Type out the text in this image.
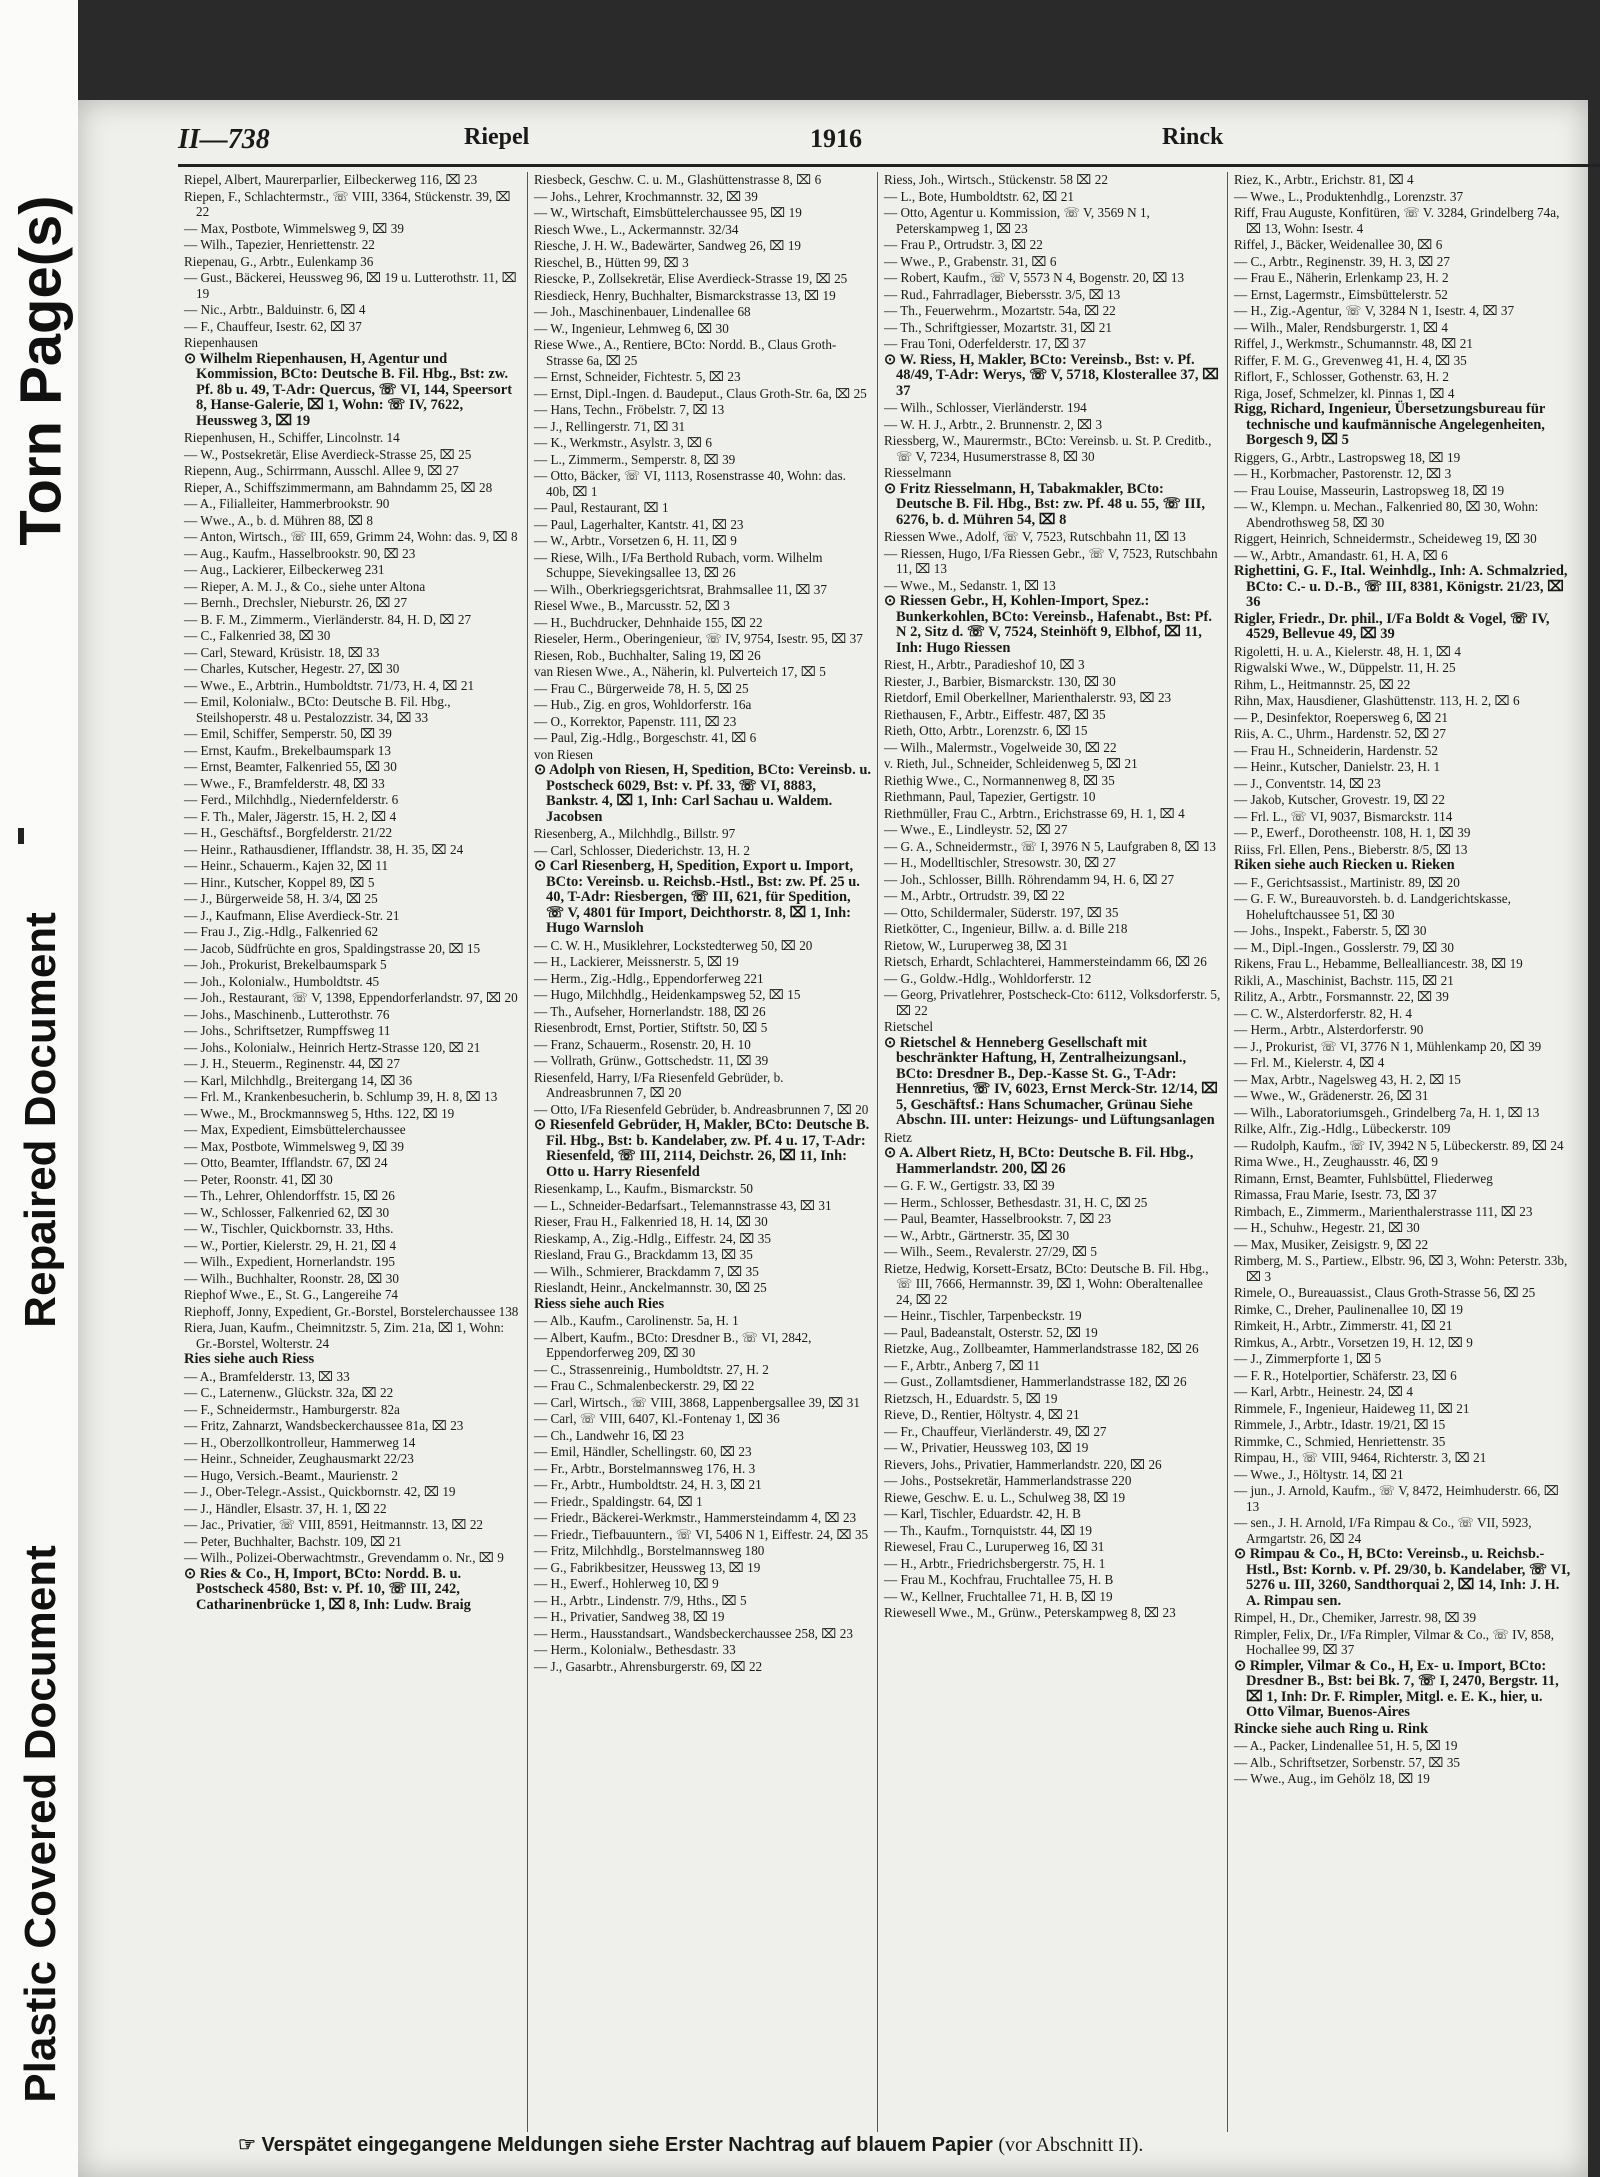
Torn Page(s)
Repaired Document
Plastic Covered Document
II—738	Riepel	1916	Rinck
Riepel, Albert, Maurerparlier, Eilbeckerweg 116, ⌧ 23
Riepen, F., Schlachtermstr., ☏ VIII, 3364, Stückenstr. 39, ⌧ 22
— Max, Postbote, Wimmelsweg 9, ⌧ 39
— Wilh., Tapezier, Henriettenstr. 22
Riepenau, G., Arbtr., Eulenkamp 36
— Gust., Bäckerei, Heussweg 96, ⌧ 19 u. Lutterothstr. 11, ⌧ 19
— Nic., Arbtr., Balduinstr. 6, ⌧ 4
— F., Chauffeur, Isestr. 62, ⌧ 37
Riepenhausen
⊙ Wilhelm Riepenhausen, H, Agentur und Kommission, BCto: Deutsche B. Fil. Hbg., Bst: zw. Pf. 8b u. 49, T-Adr: Quercus, ☏ VI, 144, Speersort 8, Hanse-Galerie, ⌧ 1, Wohn: ☏ IV, 7622, Heussweg 3, ⌧ 19
Riepenhusen, H., Schiffer, Lincolnstr. 14
— W., Postsekretär, Elise Averdieck-Strasse 25, ⌧ 25
Riepenn, Aug., Schirrmann, Ausschl. Allee 9, ⌧ 27
Rieper, A., Schiffszimmermann, am Bahndamm 25, ⌧ 28
— A., Filialleiter, Hammerbrookstr. 90
— Wwe., A., b. d. Mühren 88, ⌧ 8
— Anton, Wirtsch., ☏ III, 659, Grimm 24, Wohn: das. 9, ⌧ 8
— Aug., Kaufm., Hasselbrookstr. 90, ⌧ 23
— Aug., Lackierer, Eilbeckerweg 231
— Rieper, A. M. J., & Co., siehe unter Altona
— Bernh., Drechsler, Nieburstr. 26, ⌧ 27
— B. F. M., Zimmerm., Vierländerstr. 84, H. D, ⌧ 27
— C., Falkenried 38, ⌧ 30
— Carl, Steward, Krüsistr. 18, ⌧ 33
— Charles, Kutscher, Hegestr. 27, ⌧ 30
— Wwe., E., Arbtrin., Humboldtstr. 71/73, H. 4, ⌧ 21
— Emil, Kolonialw., BCto: Deutsche B. Fil. Hbg., Steilshoperstr. 48 u. Pestalozzistr. 34, ⌧ 33
— Emil, Schiffer, Semperstr. 50, ⌧ 39
— Ernst, Kaufm., Brekelbaumspark 13
— Ernst, Beamter, Falkenried 55, ⌧ 30
— Wwe., F., Bramfelderstr. 48, ⌧ 33
— Ferd., Milchhdlg., Niedernfelderstr. 6
— F. Th., Maler, Jägerstr. 15, H. 2, ⌧ 4
— H., Geschäftsf., Borgfelderstr. 21/22
— Heinr., Rathausdiener, Ifflandstr. 38, H. 35, ⌧ 24
— Heinr., Schauerm., Kajen 32, ⌧ 11
— Hinr., Kutscher, Koppel 89, ⌧ 5
— J., Bürgerweide 58, H. 3/4, ⌧ 25
— J., Kaufmann, Elise Averdieck-Str. 21
— Frau J., Zig.-Hdlg., Falkenried 62
— Jacob, Südfrüchte en gros, Spaldingstrasse 20, ⌧ 15
— Joh., Prokurist, Brekelbaumspark 5
— Joh., Kolonialw., Humboldtstr. 45
— Joh., Restaurant, ☏ V, 1398, Eppendorferlandstr. 97, ⌧ 20
— Johs., Maschinenb., Lutterothstr. 76
— Johs., Schriftsetzer, Rumpffsweg 11
— Johs., Kolonialw., Heinrich Hertz-Strasse 120, ⌧ 21
— J. H., Steuerm., Reginenstr. 44, ⌧ 27
— Karl, Milchhdlg., Breitergang 14, ⌧ 36
— Frl. M., Krankenbesucherin, b. Schlump 39, H. 8, ⌧ 13
— Wwe., M., Brockmannsweg 5, Hths. 122, ⌧ 19
— Max, Expedient, Eimsbüttelerchaussee
— Max, Postbote, Wimmelsweg 9, ⌧ 39
— Otto, Beamter, Ifflandstr. 67, ⌧ 24
— Peter, Roonstr. 41, ⌧ 30
— Th., Lehrer, Ohlendorffstr. 15, ⌧ 26
— W., Schlosser, Falkenried 62, ⌧ 30
— W., Tischler, Quickbornstr. 33, Hths.
— W., Portier, Kielerstr. 29, H. 21, ⌧ 4
— Wilh., Expedient, Hornerlandstr. 195
— Wilh., Buchhalter, Roonstr. 28, ⌧ 30
Riephof Wwe., E., St. G., Langereihe 74
Riephoff, Jonny, Expedient, Gr.-Borstel, Borstelerchaussee 138
Riera, Juan, Kaufm., Cheimnitzstr. 5, Zim. 21a, ⌧ 1, Wohn: Gr.-Borstel, Wolterstr. 24
Ries siehe auch Riess
— A., Bramfelderstr. 13, ⌧ 33
— C., Laternenw., Glückstr. 32a, ⌧ 22
— F., Schneidermstr., Hamburgerstr. 82a
— Fritz, Zahnarzt, Wandsbeckerchaussee 81a, ⌧ 23
— H., Oberzollkontrolleur, Hammerweg 14
— Heinr., Schneider, Zeughausmarkt 22/23
— Hugo, Versich.-Beamt., Maurienstr. 2
— J., Ober-Telegr.-Assist., Quickbornstr. 42, ⌧ 19
— J., Händler, Elsastr. 37, H. 1, ⌧ 22
— Jac., Privatier, ☏ VIII, 8591, Heitmannstr. 13, ⌧ 22
— Peter, Buchhalter, Bachstr. 109, ⌧ 21
— Wilh., Polizei-Oberwachtmstr., Grevendamm o. Nr., ⌧ 9
⊙ Ries & Co., H, Import, BCto: Nordd. B. u. Postscheck 4580, Bst: v. Pf. 10, ☏ III, 242, Catharinenbrücke 1, ⌧ 8, Inh: Ludw. Braig
Riesbeck, Geschw. C. u. M., Glashüttenstrasse 8, ⌧ 6
— Johs., Lehrer, Krochmannstr. 32, ⌧ 39
— W., Wirtschaft, Eimsbüttelerchaussee 95, ⌧ 19
Riesch Wwe., L., Ackermannstr. 32/34
Riesche, J. H. W., Badewärter, Sandweg 26, ⌧ 19
Rieschel, B., Hütten 99, ⌧ 3
Riescke, P., Zollsekretär, Elise Averdieck-Strasse 19, ⌧ 25
Riesdieck, Henry, Buchhalter, Bismarckstrasse 13, ⌧ 19
— Joh., Maschinenbauer, Lindenallee 68
— W., Ingenieur, Lehmweg 6, ⌧ 30
Riese Wwe., A., Rentiere, BCto: Nordd. B., Claus Groth-Strasse 6a, ⌧ 25
— Ernst, Schneider, Fichtestr. 5, ⌧ 23
— Ernst, Dipl.-Ingen. d. Baudeput., Claus Groth-Str. 6a, ⌧ 25
— Hans, Techn., Fröbelstr. 7, ⌧ 13
— J., Rellingerstr. 71, ⌧ 31
— K., Werkmstr., Asylstr. 3, ⌧ 6
— L., Zimmerm., Semperstr. 8, ⌧ 39
— Otto, Bäcker, ☏ VI, 1113, Rosenstrasse 40, Wohn: das. 40b, ⌧ 1
— Paul, Restaurant, ⌧ 1
— Paul, Lagerhalter, Kantstr. 41, ⌧ 23
— W., Arbtr., Vorsetzen 6, H. 11, ⌧ 9
— Riese, Wilh., I/Fa Berthold Rubach, vorm. Wilhelm Schuppe, Sievekingsallee 13, ⌧ 26
— Wilh., Oberkriegsgerichtsrat, Brahmsallee 11, ⌧ 37
Riesel Wwe., B., Marcusstr. 52, ⌧ 3
— H., Buchdrucker, Dehnhaide 155, ⌧ 22
Rieseler, Herm., Oberingenieur, ☏ IV, 9754, Isestr. 95, ⌧ 37
Riesen, Rob., Buchhalter, Saling 19, ⌧ 26
van Riesen Wwe., A., Näherin, kl. Pulverteich 17, ⌧ 5
— Frau C., Bürgerweide 78, H. 5, ⌧ 25
— Hub., Zig. en gros, Wohldorferstr. 16a
— O., Korrektor, Papenstr. 111, ⌧ 23
— Paul, Zig.-Hdlg., Borgeschstr. 41, ⌧ 6
von Riesen
⊙ Adolph von Riesen, H, Spedition, BCto: Vereinsb. u. Postscheck 6029, Bst: v. Pf. 33, ☏ VI, 8883, Bankstr. 4, ⌧ 1, Inh: Carl Sachau u. Waldem. Jacobsen
Riesenberg, A., Milchhdlg., Billstr. 97
— Carl, Schlosser, Diederichstr. 13, H. 2
⊙ Carl Riesenberg, H, Spedition, Export u. Import, BCto: Vereinsb. u. Reichsb.-Hstl., Bst: zw. Pf. 25 u. 40, T-Adr: Riesbergen, ☏ III, 621, für Spedition, ☏ V, 4801 für Import, Deichthorstr. 8, ⌧ 1, Inh: Hugo Warnsloh
— C. W. H., Musiklehrer, Lockstedterweg 50, ⌧ 20
— H., Lackierer, Meissnerstr. 5, ⌧ 19
— Herm., Zig.-Hdlg., Eppendorferweg 221
— Hugo, Milchhdlg., Heidenkampsweg 52, ⌧ 15
— Th., Aufseher, Hornerlandstr. 188, ⌧ 26
Riesenbrodt, Ernst, Portier, Stiftstr. 50, ⌧ 5
— Franz, Schauerm., Rosenstr. 20, H. 10
— Vollrath, Grünw., Gottschedstr. 11, ⌧ 39
Riesenfeld, Harry, I/Fa Riesenfeld Gebrüder, b. Andreasbrunnen 7, ⌧ 20
— Otto, I/Fa Riesenfeld Gebrüder, b. Andreasbrunnen 7, ⌧ 20
⊙ Riesenfeld Gebrüder, H, Makler, BCto: Deutsche B. Fil. Hbg., Bst: b. Kandelaber, zw. Pf. 4 u. 17, T-Adr: Riesenfeld, ☏ III, 2114, Deichstr. 26, ⌧ 11, Inh: Otto u. Harry Riesenfeld
Riesenkamp, L., Kaufm., Bismarckstr. 50
— L., Schneider-Bedarfsart., Telemannstrasse 43, ⌧ 31
Rieser, Frau H., Falkenried 18, H. 14, ⌧ 30
Rieskamp, A., Zig.-Hdlg., Eiffestr. 24, ⌧ 35
Riesland, Frau G., Brackdamm 13, ⌧ 35
— Wilh., Schmierer, Brackdamm 7, ⌧ 35
Rieslandt, Heinr., Anckelmannstr. 30, ⌧ 25
Riess siehe auch Ries
— Alb., Kaufm., Carolinenstr. 5a, H. 1
— Albert, Kaufm., BCto: Dresdner B., ☏ VI, 2842, Eppendorferweg 209, ⌧ 30
— C., Strassenreinig., Humboldtstr. 27, H. 2
— Frau C., Schmalenbeckerstr. 29, ⌧ 22
— Carl, Wirtsch., ☏ VIII, 3868, Lappenbergsallee 39, ⌧ 31
— Carl, ☏ VIII, 6407, Kl.-Fontenay 1, ⌧ 36
— Ch., Landwehr 16, ⌧ 23
— Emil, Händler, Schellingstr. 60, ⌧ 23
— Fr., Arbtr., Borstelmannsweg 176, H. 3
— Fr., Arbtr., Humboldtstr. 24, H. 3, ⌧ 21
— Friedr., Spaldingstr. 64, ⌧ 1
— Friedr., Bäckerei-Werkmstr., Hammersteindamm 4, ⌧ 23
— Friedr., Tiefbauuntern., ☏ VI, 5406 N 1, Eiffestr. 24, ⌧ 35
— Fritz, Milchhdlg., Borstelmannsweg 180
— G., Fabrikbesitzer, Heussweg 13, ⌧ 19
— H., Ewerf., Hohlerweg 10, ⌧ 9
— H., Arbtr., Lindenstr. 7/9, Hths., ⌧ 5
— H., Privatier, Sandweg 38, ⌧ 19
— Herm., Hausstandsart., Wandsbeckerchaussee 258, ⌧ 23
— Herm., Kolonialw., Bethesdastr. 33
— J., Gasarbtr., Ahrensburgerstr. 69, ⌧ 22
Riess, Joh., Wirtsch., Stückenstr. 58 ⌧ 22
— L., Bote, Humboldtstr. 62, ⌧ 21
— Otto, Agentur u. Kommission, ☏ V, 3569 N 1, Peterskampweg 1, ⌧ 23
— Frau P., Ortrudstr. 3, ⌧ 22
— Wwe., P., Grabenstr. 31, ⌧ 6
— Robert, Kaufm., ☏ V, 5573 N 4, Bogenstr. 20, ⌧ 13
— Rud., Fahrradlager, Biebersstr. 3/5, ⌧ 13
— Th., Feuerwehrm., Mozartstr. 54a, ⌧ 22
— Th., Schriftgiesser, Mozartstr. 31, ⌧ 21
— Frau Toni, Oderfelderstr. 17, ⌧ 37
⊙ W. Riess, H, Makler, BCto: Vereinsb., Bst: v. Pf. 48/49, T-Adr: Werys, ☏ V, 5718, Klosterallee 37, ⌧ 37
— Wilh., Schlosser, Vierländerstr. 194
— W. H. J., Arbtr., 2. Brunnenstr. 2, ⌧ 3
Riessberg, W., Maurermstr., BCto: Vereinsb. u. St. P. Creditb., ☏ V, 7234, Husumerstrasse 8, ⌧ 30
Riesselmann
⊙ Fritz Riesselmann, H, Tabakmakler, BCto: Deutsche B. Fil. Hbg., Bst: zw. Pf. 48 u. 55, ☏ III, 6276, b. d. Mühren 54, ⌧ 8
Riessen Wwe., Adolf, ☏ V, 7523, Rutschbahn 11, ⌧ 13
— Riessen, Hugo, I/Fa Riessen Gebr., ☏ V, 7523, Rutschbahn 11, ⌧ 13
— Wwe., M., Sedanstr. 1, ⌧ 13
⊙ Riessen Gebr., H, Kohlen-Import, Spez.: Bunkerkohlen, BCto: Vereinsb., Hafenabt., Bst: Pf. N 2, Sitz d. ☏ V, 7524, Steinhöft 9, Elbhof, ⌧ 11, Inh: Hugo Riessen
Riest, H., Arbtr., Paradieshof 10, ⌧ 3
Riester, J., Barbier, Bismarckstr. 130, ⌧ 30
Rietdorf, Emil Oberkellner, Marienthalerstr. 93, ⌧ 23
Riethausen, F., Arbtr., Eiffestr. 487, ⌧ 35
Rieth, Otto, Arbtr., Lorenzstr. 6, ⌧ 15
— Wilh., Malermstr., Vogelweide 30, ⌧ 22
v. Rieth, Jul., Schneider, Schleidenweg 5, ⌧ 21
Riethig Wwe., C., Normannenweg 8, ⌧ 35
Riethmann, Paul, Tapezier, Gertigstr. 10
Riethmüller, Frau C., Arbtrn., Erichstrasse 69, H. 1, ⌧ 4
— Wwe., E., Lindleystr. 52, ⌧ 27
— G. A., Schneidermstr., ☏ I, 3976 N 5, Laufgraben 8, ⌧ 13
— H., Modelltischler, Stresowstr. 30, ⌧ 27
— Joh., Schlosser, Billh. Röhrendamm 94, H. 6, ⌧ 27
— M., Arbtr., Ortrudstr. 39, ⌧ 22
— Otto, Schildermaler, Süderstr. 197, ⌧ 35
Rietkötter, C., Ingenieur, Billw. a. d. Bille 218
Rietow, W., Luruperweg 38, ⌧ 31
Rietsch, Erhardt, Schlachterei, Hammersteindamm 66, ⌧ 26
— G., Goldw.-Hdlg., Wohldorferstr. 12
— Georg, Privatlehrer, Postscheck-Cto: 6112, Volksdorferstr. 5, ⌧ 22
Rietschel
⊙ Rietschel & Henneberg Gesellschaft mit beschränkter Haftung, H, Zentralheizungsanl., BCto: Dresdner B., Dep.-Kasse St. G., T-Adr: Hennretius, ☏ IV, 6023, Ernst Merck-Str. 12/14, ⌧ 5, Geschäftsf.: Hans Schumacher, Grünau Siehe Abschn. III. unter: Heizungs- und Lüftungsanlagen
Rietz
⊙ A. Albert Rietz, H, BCto: Deutsche B. Fil. Hbg., Hammerlandstr. 200, ⌧ 26
— G. F. W., Gertigstr. 33, ⌧ 39
— Herm., Schlosser, Bethesdastr. 31, H. C, ⌧ 25
— Paul, Beamter, Hasselbrookstr. 7, ⌧ 23
— W., Arbtr., Gärtnerstr. 35, ⌧ 30
— Wilh., Seem., Revalerstr. 27/29, ⌧ 5
Rietze, Hedwig, Korsett-Ersatz, BCto: Deutsche B. Fil. Hbg., ☏ III, 7666, Hermannstr. 39, ⌧ 1, Wohn: Oberaltenallee 24, ⌧ 22
— Heinr., Tischler, Tarpenbeckstr. 19
— Paul, Badeanstalt, Osterstr. 52, ⌧ 19
Rietzke, Aug., Zollbeamter, Hammerlandstrasse 182, ⌧ 26
— F., Arbtr., Anberg 7, ⌧ 11
— Gust., Zollamtsdiener, Hammerlandstrasse 182, ⌧ 26
Rietzsch, H., Eduardstr. 5, ⌧ 19
Rieve, D., Rentier, Höltystr. 4, ⌧ 21
— Fr., Chauffeur, Vierländerstr. 49, ⌧ 27
— W., Privatier, Heussweg 103, ⌧ 19
Rievers, Johs., Privatier, Hammerlandstr. 220, ⌧ 26
— Johs., Postsekretär, Hammerlandstrasse 220
Riewe, Geschw. E. u. L., Schulweg 38, ⌧ 19
— Karl, Tischler, Eduardstr. 42, H. B
— Th., Kaufm., Tornquiststr. 44, ⌧ 19
Riewesel, Frau C., Luruperweg 16, ⌧ 31
— H., Arbtr., Friedrichsbergerstr. 75, H. 1
— Frau M., Kochfrau, Fruchtallee 75, H. B
— W., Kellner, Fruchtallee 71, H. B, ⌧ 19
Riewesell Wwe., M., Grünw., Peterskampweg 8, ⌧ 23
Riez, K., Arbtr., Erichstr. 81, ⌧ 4
— Wwe., L., Produktenhdlg., Lorenzstr. 37
Riff, Frau Auguste, Konfitüren, ☏ V. 3284, Grindelberg 74a, ⌧ 13, Wohn: Isestr. 4
Riffel, J., Bäcker, Weidenallee 30, ⌧ 6
— C., Arbtr., Reginenstr. 39, H. 3, ⌧ 27
— Frau E., Näherin, Erlenkamp 23, H. 2
— Ernst, Lagermstr., Eimsbüttelerstr. 52
— H., Zig.-Agentur, ☏ V, 3284 N 1, Isestr. 4, ⌧ 37
— Wilh., Maler, Rendsburgerstr. 1, ⌧ 4
Riffel, J., Werkmstr., Schumannstr. 48, ⌧ 21
Riffer, F. M. G., Grevenweg 41, H. 4, ⌧ 35
Riflort, F., Schlosser, Gothenstr. 63, H. 2
Riga, Josef, Schmelzer, kl. Pinnas 1, ⌧ 4
Rigg, Richard, Ingenieur, Übersetzungsbureau für technische und kaufmännische Angelegenheiten, Borgesch 9, ⌧ 5
Riggers, G., Arbtr., Lastropsweg 18, ⌧ 19
— H., Korbmacher, Pastorenstr. 12, ⌧ 3
— Frau Louise, Masseurin, Lastropsweg 18, ⌧ 19
— W., Klempn. u. Mechan., Falkenried 80, ⌧ 30, Wohn: Abendrothsweg 58, ⌧ 30
Riggert, Heinrich, Schneidermstr., Scheideweg 19, ⌧ 30
— W., Arbtr., Amandastr. 61, H. A, ⌧ 6
Righettini, G. F., Ital. Weinhdlg., Inh: A. Schmalzried, BCto: C.- u. D.-B., ☏ III, 8381, Königstr. 21/23, ⌧ 36
Rigler, Friedr., Dr. phil., I/Fa Boldt & Vogel, ☏ IV, 4529, Bellevue 49, ⌧ 39
Rigoletti, H. u. A., Kielerstr. 48, H. 1, ⌧ 4
Rigwalski Wwe., W., Düppelstr. 11, H. 25
Rihm, L., Heitmannstr. 25, ⌧ 22
Rihn, Max, Hausdiener, Glashüttenstr. 113, H. 2, ⌧ 6
— P., Desinfektor, Roepersweg 6, ⌧ 21
Riis, A. C., Uhrm., Hardenstr. 52, ⌧ 27
— Frau H., Schneiderin, Hardenstr. 52
— Heinr., Kutscher, Danielstr. 23, H. 1
— J., Conventstr. 14, ⌧ 23
— Jakob, Kutscher, Grovestr. 19, ⌧ 22
— Frl. L., ☏ VI, 9037, Bismarckstr. 114
— P., Ewerf., Dorotheenstr. 108, H. 1, ⌧ 39
Riiss, Frl. Ellen, Pens., Bieberstr. 8/5, ⌧ 13
Riken siehe auch Riecken u. Rieken
— F., Gerichtsassist., Martinistr. 89, ⌧ 20
— G. F. W., Bureauvorsteh. b. d. Landgerichtskasse, Hoheluftchaussee 51, ⌧ 30
— Johs., Inspekt., Faberstr. 5, ⌧ 30
— M., Dipl.-Ingen., Gosslerstr. 79, ⌧ 30
Rikens, Frau L., Hebamme, Bellealliancestr. 38, ⌧ 19
Rikli, A., Maschinist, Bachstr. 115, ⌧ 21
Rilitz, A., Arbtr., Forsmannstr. 22, ⌧ 39
— C. W., Alsterdorferstr. 82, H. 4
— Herm., Arbtr., Alsterdorferstr. 90
— J., Prokurist, ☏ VI, 3776 N 1, Mühlenkamp 20, ⌧ 39
— Frl. M., Kielerstr. 4, ⌧ 4
— Max, Arbtr., Nagelsweg 43, H. 2, ⌧ 15
— Wwe., W., Grädenerstr. 26, ⌧ 31
— Wilh., Laboratoriumsgeh., Grindelberg 7a, H. 1, ⌧ 13
Rilke, Alfr., Zig.-Hdlg., Lübeckerstr. 109
— Rudolph, Kaufm., ☏ IV, 3942 N 5, Lübeckerstr. 89, ⌧ 24
Rima Wwe., H., Zeughausstr. 46, ⌧ 9
Rimann, Ernst, Beamter, Fuhlsbüttel, Fliederweg
Rimassa, Frau Marie, Isestr. 73, ⌧ 37
Rimbach, E., Zimmerm., Marienthalerstrasse 111, ⌧ 23
— H., Schuhw., Hegestr. 21, ⌧ 30
— Max, Musiker, Zeisigstr. 9, ⌧ 22
Rimberg, M. S., Partiew., Elbstr. 96, ⌧ 3, Wohn: Peterstr. 33b, ⌧ 3
Rimele, O., Bureauassist., Claus Groth-Strasse 56, ⌧ 25
Rimke, C., Dreher, Paulinenallee 10, ⌧ 19
Rimkeit, H., Arbtr., Zimmerstr. 41, ⌧ 21
Rimkus, A., Arbtr., Vorsetzen 19, H. 12, ⌧ 9
— J., Zimmerpforte 1, ⌧ 5
— F. R., Hotelportier, Schäferstr. 23, ⌧ 6
— Karl, Arbtr., Heinestr. 24, ⌧ 4
Rimmele, F., Ingenieur, Haideweg 11, ⌧ 21
Rimmele, J., Arbtr., Idastr. 19/21, ⌧ 15
Rimmke, C., Schmied, Henriettenstr. 35
Rimpau, H., ☏ VIII, 9464, Richterstr. 3, ⌧ 21
— Wwe., J., Höltystr. 14, ⌧ 21
— jun., J. Arnold, Kaufm., ☏ V, 8472, Heimhuderstr. 66, ⌧ 13
— sen., J. H. Arnold, I/Fa Rimpau & Co., ☏ VII, 5923, Armgartstr. 26, ⌧ 24
⊙ Rimpau & Co., H, BCto: Vereinsb., u. Reichsb.-Hstl., Bst: Kornb. v. Pf. 29/30, b. Kandelaber, ☏ VI, 5276 u. III, 3260, Sandthorquai 2, ⌧ 14, Inh: J. H. A. Rimpau sen.
Rimpel, H., Dr., Chemiker, Jarrestr. 98, ⌧ 39
Rimpler, Felix, Dr., I/Fa Rimpler, Vilmar & Co., ☏ IV, 858, Hochallee 99, ⌧ 37
⊙ Rimpler, Vilmar & Co., H, Ex- u. Import, BCto: Dresdner B., Bst: bei Bk. 7, ☏ I, 2470, Bergstr. 11, ⌧ 1, Inh: Dr. F. Rimpler, Mitgl. e. E. K., hier, u. Otto Vilmar, Buenos-Aires
Rincke siehe auch Ring u. Rink
— A., Packer, Lindenallee 51, H. 5, ⌧ 19
— Alb., Schriftsetzer, Sorbenstr. 57, ⌧ 35
— Wwe., Aug., im Gehölz 18, ⌧ 19
☞ Verspätet eingegangene Meldungen siehe Erster Nachtrag auf blauem Papier (vor Abschnitt II).
